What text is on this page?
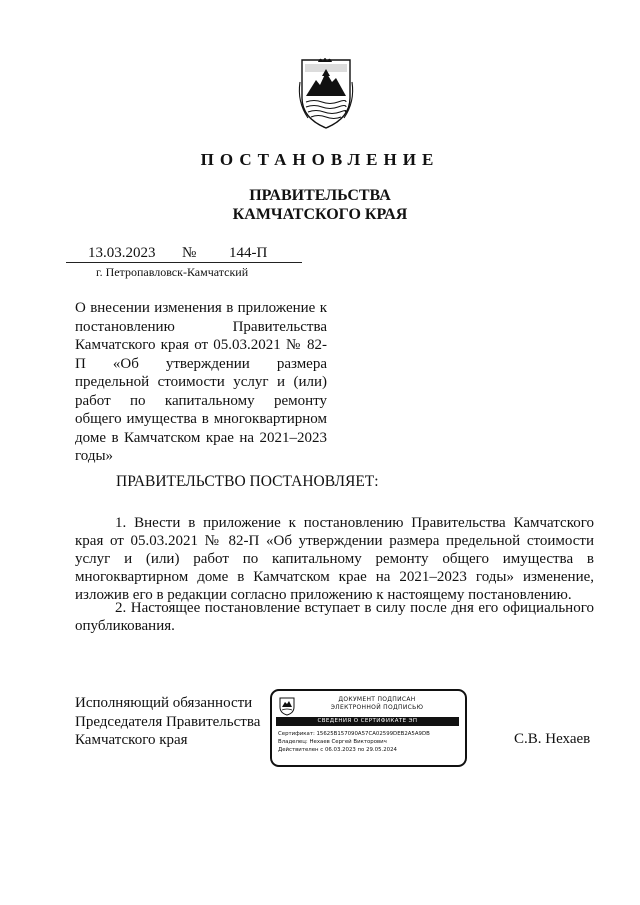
ПОСТАНОВЛЕНИЕ
ПРАВИТЕЛЬСТВА
КАМЧАТСКОГО КРАЯ
13.03.2023 № 144-П
г. Петропавловск-Камчатский
О внесении изменения в приложение к постановлению Правительства Камчатского края от 05.03.2021 № 82-П «Об утверждении размера предельной стоимости услуг и (или) работ по капитальному ремонту общего имущества в многоквартирном доме в Камчатском крае на 2021–2023 годы»
ПРАВИТЕЛЬСТВО ПОСТАНОВЛЯЕТ:
1. Внести в приложение к постановлению Правительства Камчатского края от 05.03.2021 № 82-П «Об утверждении размера предельной стоимости услуг и (или) работ по капитальному ремонту общего имущества в многоквартирном доме в Камчатском крае на 2021–2023 годы» изменение, изложив его в редакции согласно приложению к настоящему постановлению.
2. Настоящее постановление вступает в силу после дня его официального опубликования.
Исполняющий обязанности
Председателя Правительства
Камчатского края
ДОКУМЕНТ ПОДПИСАН
ЭЛЕКТРОННОЙ ПОДПИСЬЮ
СВЕДЕНИЯ О СЕРТИФИКАТЕ ЭП
Сертификат: 15625B157090A57CA02599DEB2A5A9DB
Владелец: Нехаев Сергей Викторович
Действителен с 06.03.2023 по 29.05.2024
С.В. Нехаев
